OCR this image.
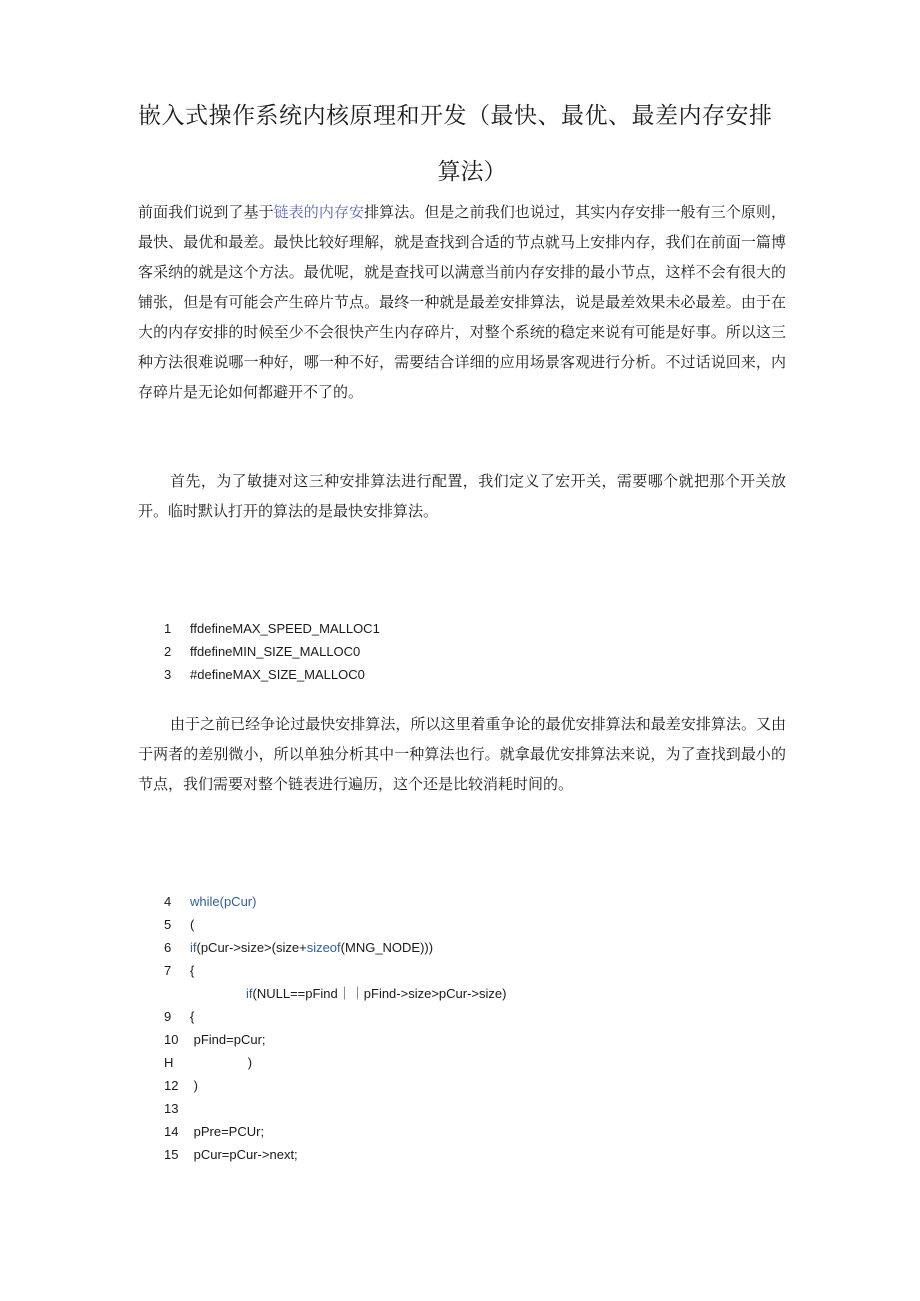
嵌入式操作系统内核原理和开发（最快、最优、最差内存安排
算法）

前面我们说到了基于链表的内存安排算法。但是之前我们也说过，其实内存安排一般有三个原则，最快、最优和最差。最快比较好理解，就是查找到合适的节点就马上安排内存，我们在前面一篇博客采纳的就是这个方法。最优呢，就是查找可以满意当前内存安排的最小节点，这样不会有很大的铺张，但是有可能会产生碎片节点。最终一种就是最差安排算法，说是最差效果未必最差。由于在大的内存安排的时候至少不会很快产生内存碎片，对整个系统的稳定来说有可能是好事。所以这三种方法很难说哪一种好，哪一种不好，需要结合详细的应用场景客观进行分析。不过话说回来，内存碎片是无论如何都避开不了的。

首先，为了敏捷对这三种安排算法进行配置，我们定义了宏开关，需要哪个就把那个开关放开。临时默认打开的算法的是最快安排算法。

1	ffdefineMAX_SPEED_MALLOC1
2	ffdefineMIN_SIZE_MALLOC0
3	#defineMAX_SIZE_MALLOC0

由于之前已经争论过最快安排算法，所以这里着重争论的最优安排算法和最差安排算法。又由于两者的差别微小，所以单独分析其中一种算法也行。就拿最优安排算法来说，为了查找到最小的节点，我们需要对整个链表进行遍历，这个还是比较消耗时间的。

4	while(pCur)
5	(
6	if (pCur->size>(size+ sizeof (MNG_NODE)))
7	{
if (NULL==pFind｜｜pFind->size>pCur->size)
9	{
10 pFind=pCur;
H	)
12 )
13
14 pPre=PCUr;
15 pCur=pCur->next;
